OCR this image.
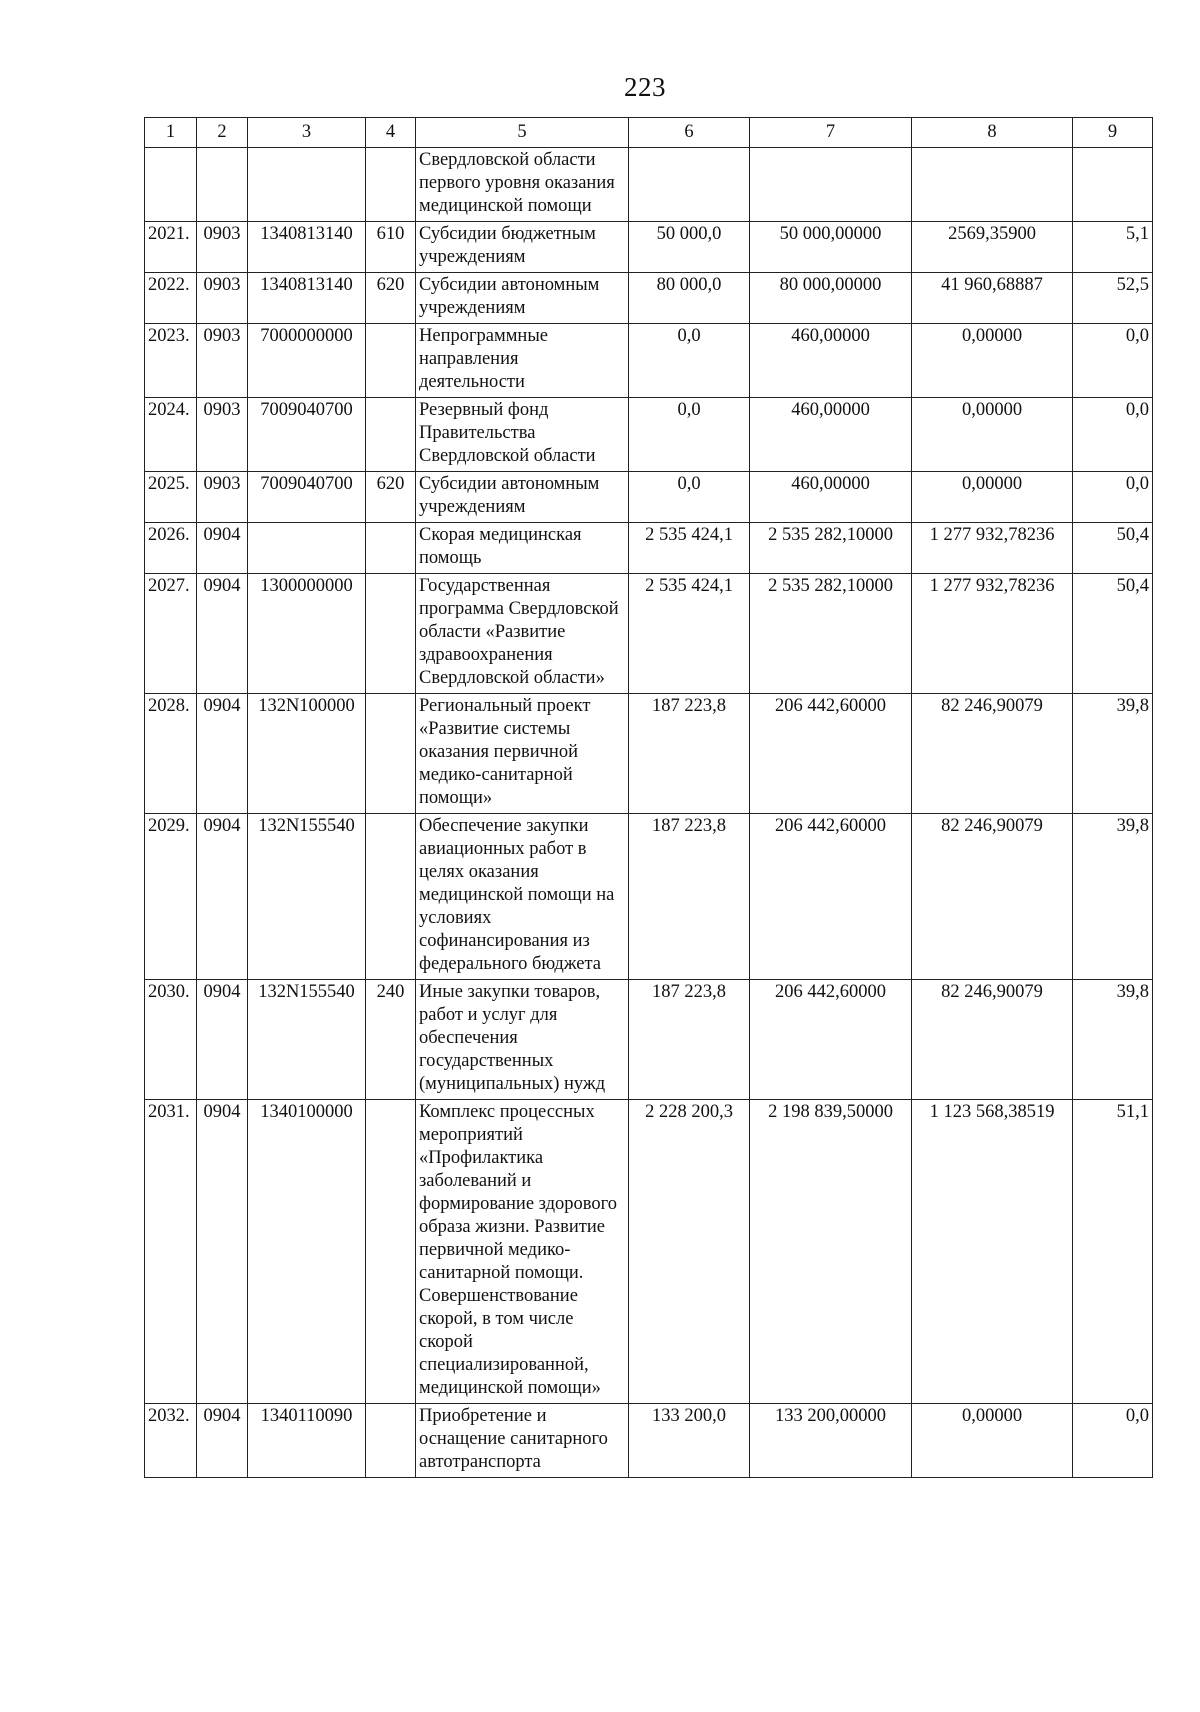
223
1	2	3	4	5	6	7	8	9
				Свердловской области первого уровня оказания медицинской помощи				
2021.	0903	1340813140	610	Субсидии бюджетным учреждениям	50 000,0	50 000,00000	2569,35900	5,1
2022.	0903	1340813140	620	Субсидии автономным учреждениям	80 000,0	80 000,00000	41 960,68887	52,5
2023.	0903	7000000000		Непрограммные направления деятельности	0,0	460,00000	0,00000	0,0
2024.	0903	7009040700		Резервный фонд Правительства Свердловской области	0,0	460,00000	0,00000	0,0
2025.	0903	7009040700	620	Субсидии автономным учреждениям	0,0	460,00000	0,00000	0,0
2026.	0904			Скорая медицинская помощь	2 535 424,1	2 535 282,10000	1 277 932,78236	50,4
2027.	0904	1300000000		Государственная программа Свердловской области «Развитие здравоохранения Свердловской области»	2 535 424,1	2 535 282,10000	1 277 932,78236	50,4
2028.	0904	132N100000		Региональный проект «Развитие системы оказания первичной медико-санитарной помощи»	187 223,8	206 442,60000	82 246,90079	39,8
2029.	0904	132N155540		Обеспечение закупки авиационных работ в целях оказания медицинской помощи на условиях софинансирования из федерального бюджета	187 223,8	206 442,60000	82 246,90079	39,8
2030.	0904	132N155540	240	Иные закупки товаров, работ и услуг для обеспечения государственных (муниципальных) нужд	187 223,8	206 442,60000	82 246,90079	39,8
2031.	0904	1340100000		Комплекс процессных мероприятий «Профилактика заболеваний и формирование здорового образа жизни. Развитие первичной медико-санитарной помощи. Совершенствование скорой, в том числе скорой специализированной, медицинской помощи»	2 228 200,3	2 198 839,50000	1 123 568,38519	51,1
2032.	0904	1340110090		Приобретение и оснащение санитарного автотранспорта	133 200,0	133 200,00000	0,00000	0,0
